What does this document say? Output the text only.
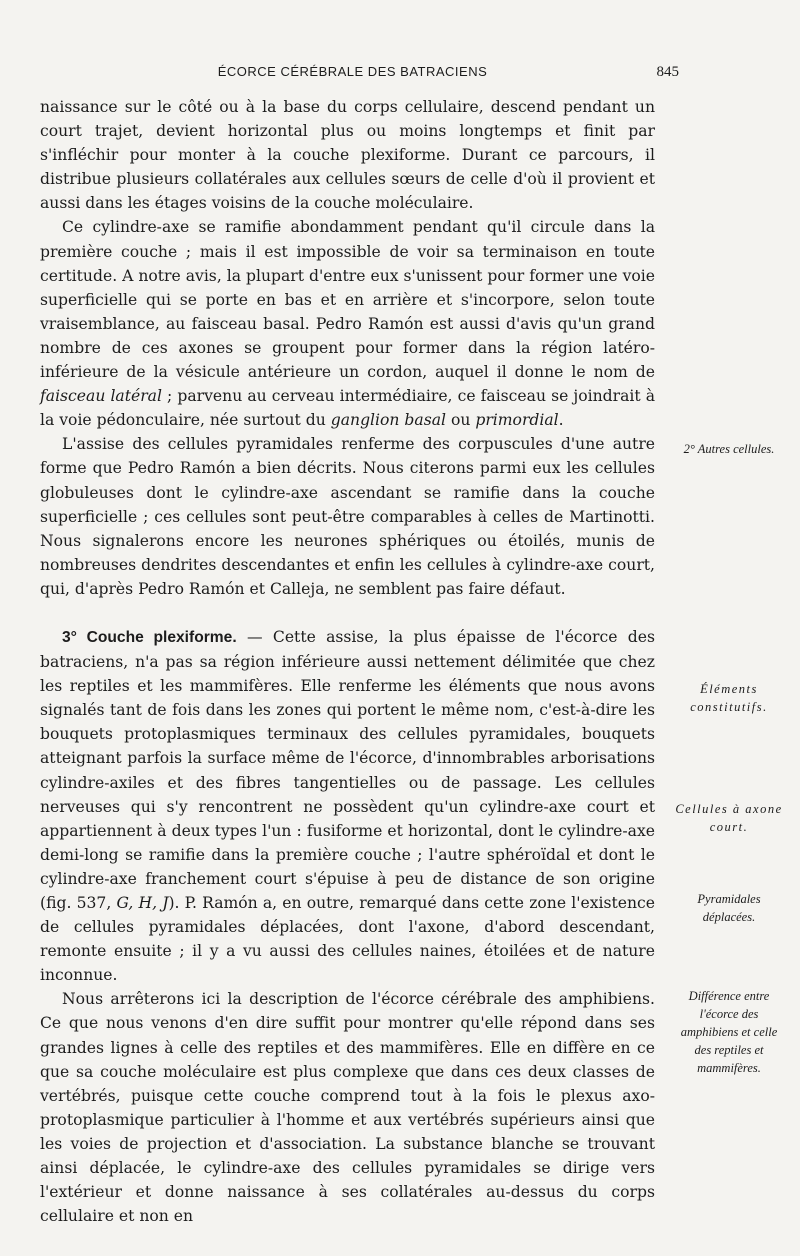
ÉCORCE CÉRÉBRALE DES BATRACIENS	845

naissance sur le côté ou à la base du corps cellulaire, descend pendant un court trajet, devient horizontal plus ou moins longtemps et finit par s'infléchir pour monter à la couche plexiforme. Durant ce parcours, il distribue plusieurs collatérales aux cellules sœurs de celle d'où il provient et aussi dans les étages voisins de la couche moléculaire.

Ce cylindre-axe se ramifie abondamment pendant qu'il circule dans la première couche ; mais il est impossible de voir sa terminaison en toute certitude. A notre avis, la plupart d'entre eux s'unissent pour former une voie superficielle qui se porte en bas et en arrière et s'incorpore, selon toute vraisemblance, au faisceau basal. Pedro Ramón est aussi d'avis qu'un grand nombre de ces axones se groupent pour former dans la région latéro-inférieure de la vésicule antérieure un cordon, auquel il donne le nom de faisceau latéral ; parvenu au cerveau intermédiaire, ce faisceau se joindrait à la voie pédonculaire, née surtout du ganglion basal ou primordial.

L'assise des cellules pyramidales renferme des corpuscules d'une autre forme que Pedro Ramón a bien décrits. Nous citerons parmi eux les cellules globuleuses dont le cylindre-axe ascendant se ramifie dans la couche superficielle ; ces cellules sont peut-être comparables à celles de Martinotti. Nous signalerons encore les neurones sphériques ou étoilés, munis de nombreuses dendrites descendantes et enfin les cellules à cylindre-axe court, qui, d'après Pedro Ramón et Calleja, ne semblent pas faire défaut.

3° Couche plexiforme. — Cette assise, la plus épaisse de l'écorce des batraciens, n'a pas sa région inférieure aussi nettement délimitée que chez les reptiles et les mammifères. Elle renferme les éléments que nous avons signalés tant de fois dans les zones qui portent le même nom, c'est-à-dire les bouquets protoplasmiques terminaux des cellules pyramidales, bouquets atteignant parfois la surface même de l'écorce, d'innombrables arborisations cylindre-axiles et des fibres tangentielles ou de passage. Les cellules nerveuses qui s'y rencontrent ne possèdent qu'un cylindre-axe court et appartiennent à deux types l'un : fusiforme et horizontal, dont le cylindre-axe demi-long se ramifie dans la première couche ; l'autre sphéroïdal et dont le cylindre-axe franchement court s'épuise à peu de distance de son origine (fig. 537, G, H, J). P. Ramón a, en outre, remarqué dans cette zone l'existence de cellules pyramidales déplacées, dont l'axone, d'abord descendant, remonte ensuite ; il y a vu aussi des cellules naines, étoilées et de nature inconnue.

Nous arrêterons ici la description de l'écorce cérébrale des amphibiens. Ce que nous venons d'en dire suffit pour montrer qu'elle répond dans ses grandes lignes à celle des reptiles et des mammifères. Elle en diffère en ce que sa couche moléculaire est plus complexe que dans ces deux classes de vertébrés, puisque cette couche comprend tout à la fois le plexus axo-protoplasmique particulier à l'homme et aux vertébrés supérieurs ainsi que les voies de projection et d'association. La substance blanche se trouvant ainsi déplacée, le cylindre-axe des cellules pyramidales se dirige vers l'extérieur et donne naissance à ses collatérales au-dessus du corps cellulaire et non en

2° Autres cellules.
Éléments constitutifs.
Cellules à axone court.
Pyramidales déplacées.
Différence entre l'écorce des amphibiens et celle des reptiles et mammifères.
